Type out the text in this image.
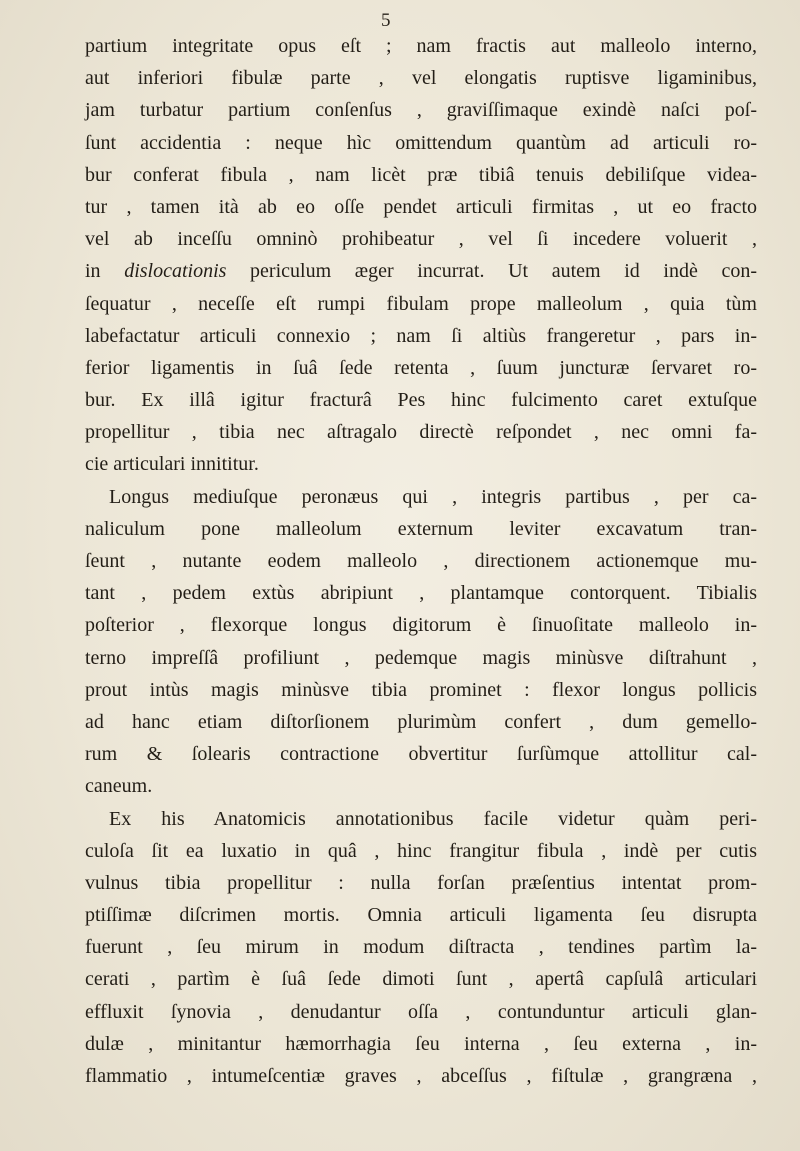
5
partium integritate opus eſt ; nam fractis aut malleolo interno,
aut inferiori fibulæ parte , vel elongatis ruptisve ligaminibus,
jam turbatur partium conſenſus , graviſſimaque exindè naſci poſ-
ſunt accidentia : neque hìc omittendum quantùm ad articuli ro-
bur conferat fibula , nam licèt præ tibiâ tenuis debiliſque videa-
tur , tamen ità ab eo oſſe pendet articuli firmitas , ut eo fracto
vel ab inceſſu omninò prohibeatur , vel ſi incedere voluerit ,
in dislocationis periculum æger incurrat. Ut autem id indè con-
ſequatur , neceſſe eſt rumpi fibulam prope malleolum , quia tùm
labefactatur articuli connexio ; nam ſi altiùs frangeretur , pars in-
ferior ligamentis in ſuâ ſede retenta , ſuum juncturæ ſervaret ro-
bur. Ex illâ igitur fracturâ Pes hinc fulcimento caret extuſque
propellitur , tibia nec aſtragalo directè reſpondet , nec omni fa-
cie articulari innititur.
Longus mediuſque peronæus qui , integris partibus , per ca-
naliculum pone malleolum externum leviter excavatum tran-
ſeunt , nutante eodem malleolo , directionem actionemque mu-
tant , pedem extùs abripiunt , plantamque contorquent. Tibialis
poſterior , flexorque longus digitorum è ſinuoſitate malleolo in-
terno impreſſâ profiliunt , pedemque magis minùsve diſtrahunt ,
prout intùs magis minùsve tibia prominet : flexor longus pollicis
ad hanc etiam diſtorſionem plurimùm confert , dum gemello-
rum & ſolearis contractione obvertitur ſurſùmque attollitur cal-
caneum.
Ex his Anatomicis annotationibus facile videtur quàm peri-
culoſa ſit ea luxatio in quâ , hinc frangitur fibula , indè per cutis
vulnus tibia propellitur : nulla forſan præſentius intentat prom-
ptiſſimæ diſcrimen mortis. Omnia articuli ligamenta ſeu disrupta
fuerunt , ſeu mirum in modum diſtracta , tendines partìm la-
cerati , partìm è ſuâ ſede dimoti ſunt , apertâ capſulâ articulari
effluxit ſynovia , denudantur oſſa , contunduntur articuli glan-
dulæ , minitantur hæmorrhagia ſeu interna , ſeu externa , in-
flammatio , intumeſcentiæ graves , abceſſus , fiſtulæ , grangræna ,
